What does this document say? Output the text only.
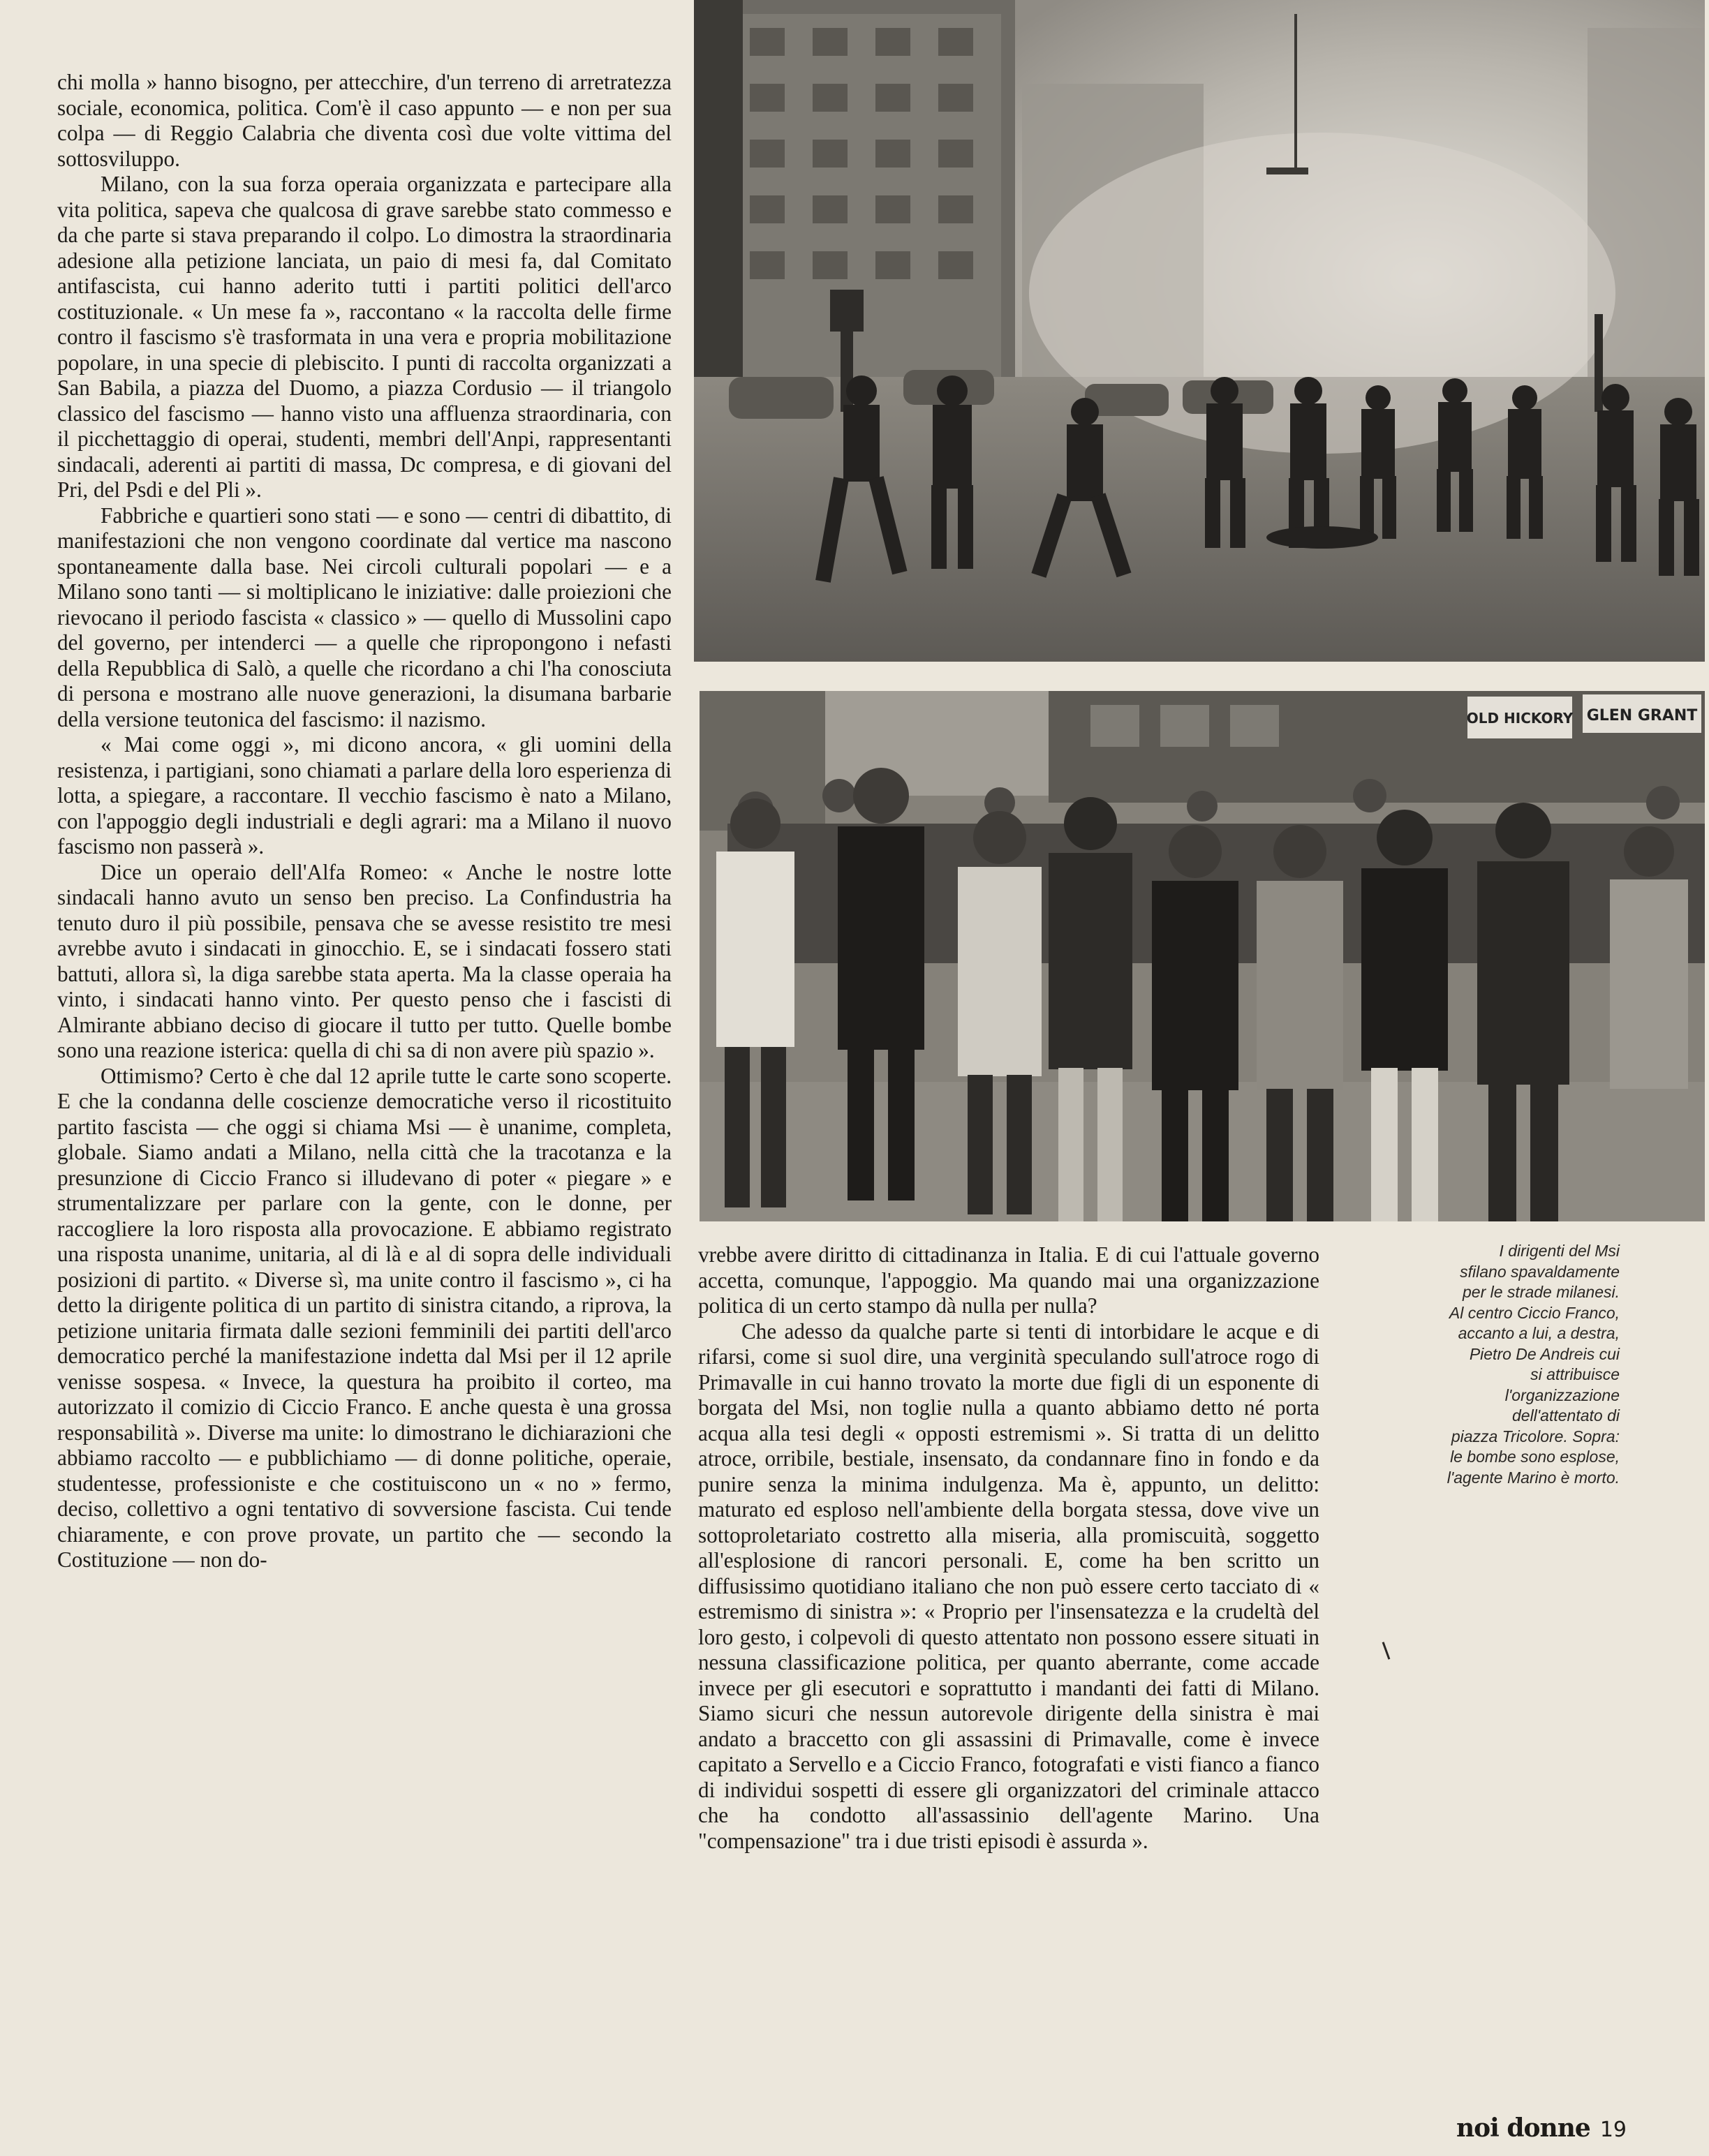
chi molla » hanno bisogno, per attecchire, d'un terreno di arretratezza sociale, economica, politica. Com'è il caso appunto — e non per sua colpa — di Reggio Calabria che diventa così due volte vittima del sottosviluppo.

Milano, con la sua forza operaia organizzata e partecipare alla vita politica, sapeva che qualcosa di grave sarebbe stato commesso e da che parte si stava preparando il colpo. Lo dimostra la straordinaria adesione alla petizione lanciata, un paio di mesi fa, dal Comitato antifascista, cui hanno aderito tutti i partiti politici dell'arco costituzionale. « Un mese fa », raccontano « la raccolta delle firme contro il fascismo s'è trasformata in una vera e propria mobilitazione popolare, in una specie di plebiscito. I punti di raccolta organizzati a San Babila, a piazza del Duomo, a piazza Cordusio — il triangolo classico del fascismo — hanno visto una affluenza straordinaria, con il picchettaggio di operai, studenti, membri dell'Anpi, rappresentanti sindacali, aderenti ai partiti di massa, Dc compresa, e di giovani del Pri, del Psdi e del Pli ».

Fabbriche e quartieri sono stati — e sono — centri di dibattito, di manifestazioni che non vengono coordinate dal vertice ma nascono spontaneamente dalla base. Nei circoli culturali popolari — e a Milano sono tanti — si moltiplicano le iniziative: dalle proiezioni che rievocano il periodo fascista « classico » — quello di Mussolini capo del governo, per intenderci — a quelle che ripropongono i nefasti della Repubblica di Salò, a quelle che ricordano a chi l'ha conosciuta di persona e mostrano alle nuove generazioni, la disumana barbarie della versione teutonica del fascismo: il nazismo.

« Mai come oggi », mi dicono ancora, « gli uomini della resistenza, i partigiani, sono chiamati a parlare della loro esperienza di lotta, a spiegare, a raccontare. Il vecchio fascismo è nato a Milano, con l'appoggio degli industriali e degli agrari: ma a Milano il nuovo fascismo non passerà ».

Dice un operaio dell'Alfa Romeo: « Anche le nostre lotte sindacali hanno avuto un senso ben preciso. La Confindustria ha tenuto duro il più possibile, pensava che se avesse resistito tre mesi avrebbe avuto i sindacati in ginocchio. E, se i sindacati fossero stati battuti, allora sì, la diga sarebbe stata aperta. Ma la classe operaia ha vinto, i sindacati hanno vinto. Per questo penso che i fascisti di Almirante abbiano deciso di giocare il tutto per tutto. Quelle bombe sono una reazione isterica: quella di chi sa di non avere più spazio ».

Ottimismo? Certo è che dal 12 aprile tutte le carte sono scoperte. E che la condanna delle coscienze democratiche verso il ricostituito partito fascista — che oggi si chiama Msi — è unanime, completa, globale. Siamo andati a Milano, nella città che la tracotanza e la presunzione di Ciccio Franco si illudevano di poter « piegare » e strumentalizzare per parlare con la gente, con le donne, per raccogliere la loro risposta alla provocazione. E abbiamo registrato una risposta unanime, unitaria, al di là e al di sopra delle individuali posizioni di partito. « Diverse sì, ma unite contro il fascismo », ci ha detto la dirigente politica di un partito di sinistra citando, a riprova, la petizione unitaria firmata dalle sezioni femminili dei partiti dell'arco democratico perché la manifestazione indetta dal Msi per il 12 aprile venisse sospesa. « Invece, la questura ha proibito il corteo, ma autorizzato il comizio di Ciccio Franco. E anche questa è una grossa responsabilità ». Diverse ma unite: lo dimostrano le dichiarazioni che abbiamo raccolto — e pubblichiamo — di donne politiche, operaie, studentesse, professioniste e che costituiscono un « no » fermo, deciso, collettivo a ogni tentativo di sovversione fascista. Cui tende chiaramente, e con prove provate, un partito che — secondo la Costituzione — non do-

OLD HICKORY GLEN GRANT

vrebbe avere diritto di cittadinanza in Italia. E di cui l'attuale governo accetta, comunque, l'appoggio. Ma quando mai una organizzazione politica di un certo stampo dà nulla per nulla?

Che adesso da qualche parte si tenti di intorbidare le acque e di rifarsi, come si suol dire, una verginità speculando sull'atroce rogo di Primavalle in cui hanno trovato la morte due figli di un esponente di borgata del Msi, non toglie nulla a quanto abbiamo detto né porta acqua alla tesi degli « opposti estremismi ». Si tratta di un delitto atroce, orribile, bestiale, insensato, da condannare fino in fondo e da punire senza la minima indulgenza. Ma è, appunto, un delitto: maturato ed esploso nell'ambiente della borgata stessa, dove vive un sottoproletariato costretto alla miseria, alla promiscuità, soggetto all'esplosione di rancori personali. E, come ha ben scritto un diffusissimo quotidiano italiano che non può essere certo tacciato di « estremismo di sinistra »: « Proprio per l'insensatezza e la crudeltà del loro gesto, i colpevoli di questo attentato non possono essere situati in nessuna classificazione politica, per quanto aberrante, come accade invece per gli esecutori e soprattutto i mandanti dei fatti di Milano. Siamo sicuri che nessun autorevole dirigente della sinistra è mai andato a braccetto con gli assassini di Primavalle, come è invece capitato a Servello e a Ciccio Franco, fotografati e visti fianco a fianco di individui sospetti di essere gli organizzatori del criminale attacco che ha condotto all'assassinio dell'agente Marino. Una "compensazione" tra i due tristi episodi è assurda ».

I dirigenti del Msi
sfilano spavaldamente
per le strade milanesi.
Al centro Ciccio Franco,
accanto a lui, a destra,
Pietro De Andreis cui
si attribuisce
l'organizzazione
dell'attentato di
piazza Tricolore. Sopra:
le bombe sono esplose,
l'agente Marino è morto.
noi donne 19
